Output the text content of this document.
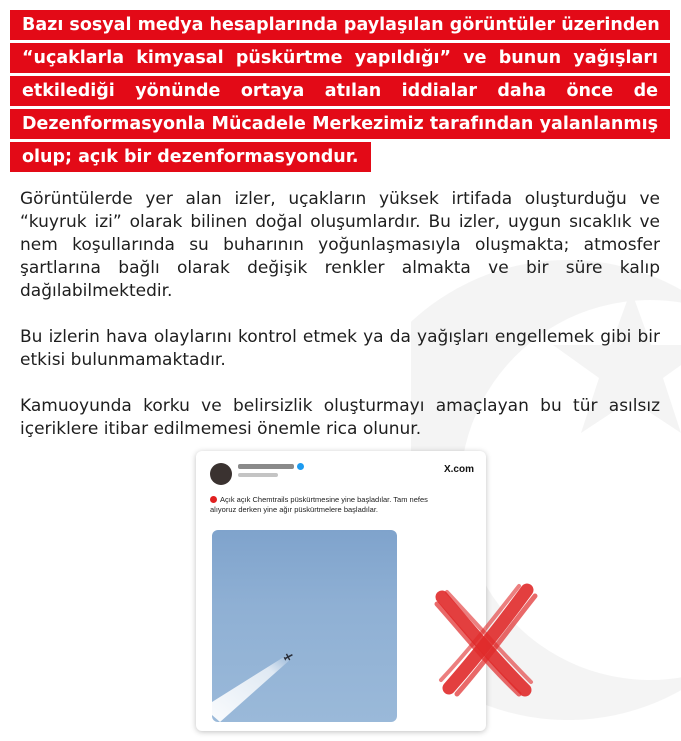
Bazı sosyal medya hesaplarında paylaşılan görüntüler üzerinden
“uçaklarla kimyasal püskürtme yapıldığı” ve bunun yağışları
etkilediği yönünde ortaya atılan iddialar daha önce de
Dezenformasyonla Mücadele Merkezimiz tarafından yalanlanmış
olup; açık bir dezenformasyondur.
Görüntülerde yer alan izler, uçakların yüksek irtifada oluşturduğu ve
“kuyruk izi” olarak bilinen doğal oluşumlardır. Bu izler, uygun sıcaklık ve
nem koşullarında su buharının yoğunlaşmasıyla oluşmakta; atmosfer
şartlarına bağlı olarak değişik renkler almakta ve bir süre kalıp
dağılabilmektedir.
Bu izlerin hava olaylarını kontrol etmek ya da yağışları engellemek gibi bir
etkisi bulunmamaktadır.
Kamuoyunda korku ve belirsizlik oluşturmayı amaçlayan bu tür asılsız
içeriklere itibar edilmemesi önemle rica olunur.
X.com
Açık açık Chemtrails püskürtmesine yine başladılar. Tam nefes
alıyoruz derken yine ağır püskürtmelere başladılar.
